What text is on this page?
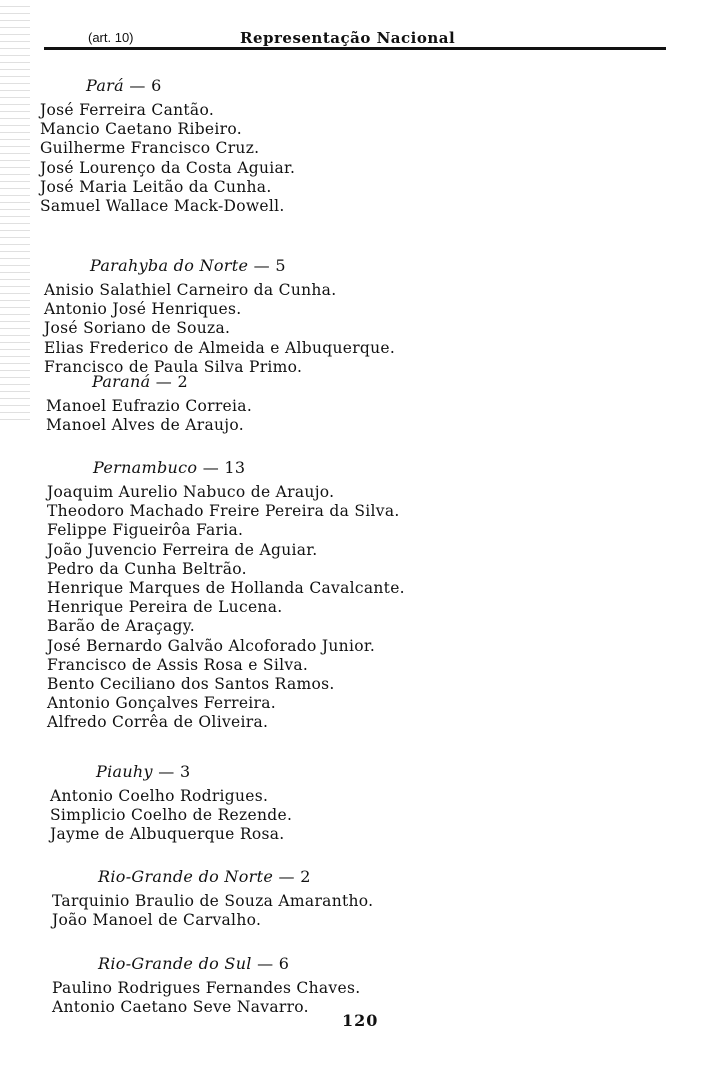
(art. 10)	Representação Nacional
Pará — 6
José Ferreira Cantão.
Mancio Caetano Ribeiro.
Guilherme Francisco Cruz.
José Lourenço da Costa Aguiar.
José Maria Leitão da Cunha.
Samuel Wallace Mack-Dowell.
Parahyba do Norte — 5
Anisio Salathiel Carneiro da Cunha.
Antonio José Henriques.
José Soriano de Souza.
Elias Frederico de Almeida e Albuquerque.
Francisco de Paula Silva Primo.
Paraná — 2
Manoel Eufrazio Correia.
Manoel Alves de Araujo.
Pernambuco — 13
Joaquim Aurelio Nabuco de Araujo.
Theodoro Machado Freire Pereira da Silva.
Felippe Figueirôa Faria.
João Juvencio Ferreira de Aguiar.
Pedro da Cunha Beltrão.
Henrique Marques de Hollanda Cavalcante.
Henrique Pereira de Lucena.
Barão de Araçagy.
José Bernardo Galvão Alcoforado Junior.
Francisco de Assis Rosa e Silva.
Bento Ceciliano dos Santos Ramos.
Antonio Gonçalves Ferreira.
Alfredo Corrêa de Oliveira.
Piauhy — 3
Antonio Coelho Rodrigues.
Simplicio Coelho de Rezende.
Jayme de Albuquerque Rosa.
Rio-Grande do Norte — 2
Tarquinio Braulio de Souza Amarantho.
João Manoel de Carvalho.
Rio-Grande do Sul — 6
Paulino Rodrigues Fernandes Chaves.
Antonio Caetano Seve Navarro.
120
